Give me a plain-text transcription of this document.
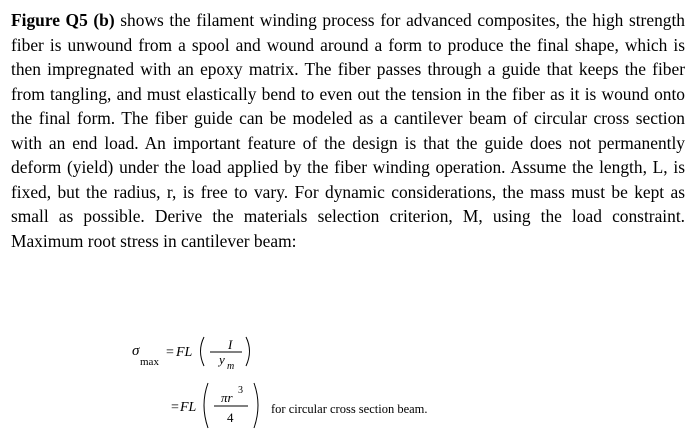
Figure Q5 (b) shows the filament winding process for advanced composites, the high strength fiber is unwound from a spool and wound around a form to produce the final shape, which is then impregnated with an epoxy matrix. The fiber passes through a guide that keeps the fiber from tangling, and must elastically bend to even out the tension in the fiber as it is wound onto the final form. The fiber guide can be modeled as a cantilever beam of circular cross section with an end load. An important feature of the design is that the guide does not permanently deform (yield) under the load applied by the fiber winding operation. Assume the length, L, is fixed, but the radius, r, is free to vary. For dynamic considerations, the mass must be kept as small as possible. Derive the materials selection criterion, M, using the load constraint. Maximum root stress in cantilever beam:
σ
max
= FL
I
y m
= FL
πr 3
4
for circular cross section beam.
